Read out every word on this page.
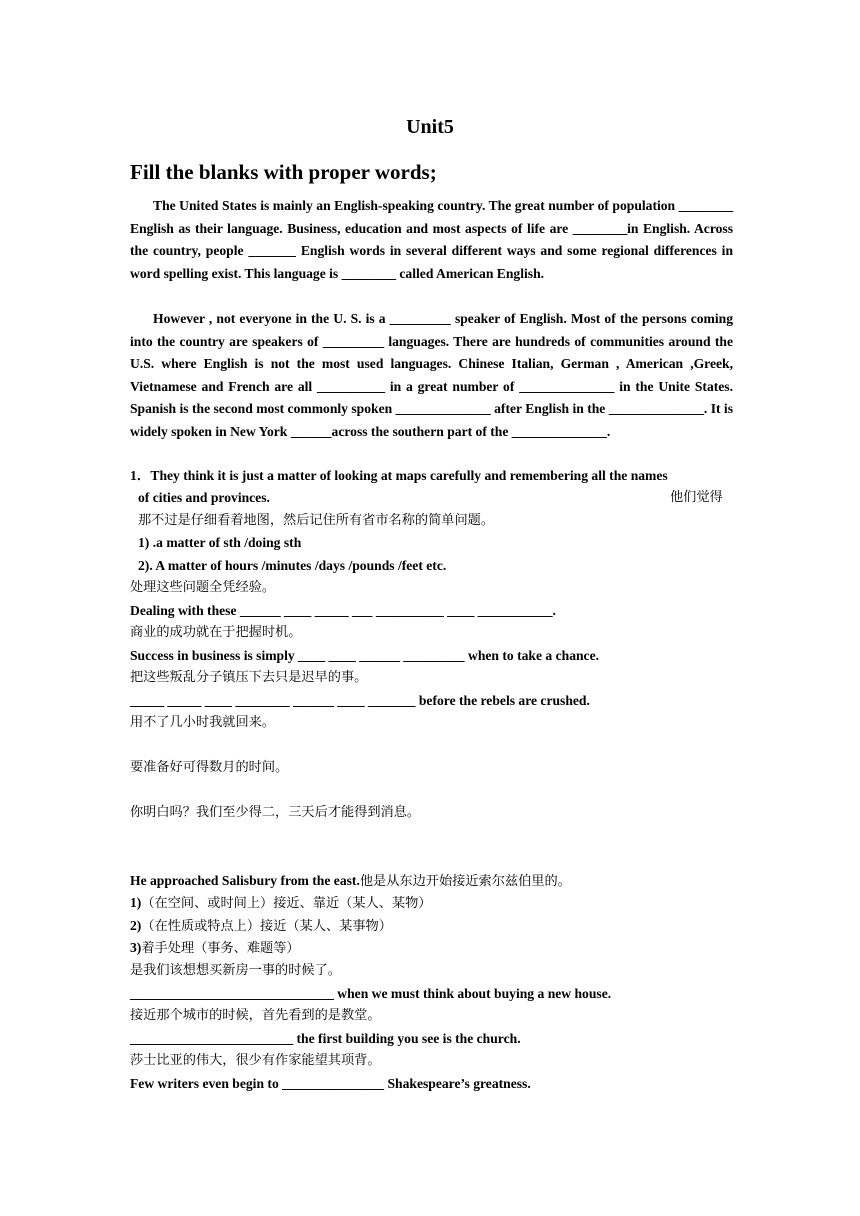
Unit5
Fill the blanks with proper words;
The United States is mainly an English-speaking country. The great number of population ________ English as their language. Business, education and most aspects of life are ________in English. Across the country, people _______ English words in several different ways and some regional differences in word spelling exist. This language is ________ called American English.
However , not everyone in the U. S. is a _________ speaker of English. Most of the persons coming into the country are speakers of _________ languages. There are hundreds of communities around the U.S. where English is not the most used languages. Chinese Italian, German , American ,Greek, Vietnamese and French are all __________ in a great number of ______________ in the Unite States. Spanish is the second most commonly spoken ______________ after English in the ______________. It is widely spoken in New York ______across the southern part of the ______________.
1．They think it is just a matter of looking at maps carefully and remembering all the names
of cities and provinces.	他们觉得
那不过是仔细看着地图，然后记住所有省市名称的简单问题。
1) .a matter of sth /doing sth
2). A matter of hours /minutes /days /pounds /feet etc.
处理这些问题全凭经验。
Dealing with these ______ ____ _____ ___ __________ ____ ___________.
商业的成功就在于把握时机。
Success in business is simply ____ ____ ______ _________ when to take a chance.
把这些叛乱分子镇压下去只是迟早的事。
_____ _____ ____ ________ ______ ____ _______ before the rebels are crushed.
用不了几小时我就回来。
要准备好可得数月的时间。
你明白吗？我们至少得二，三天后才能得到消息。
He approached Salisbury from the east.他是从东边开始接近索尔兹伯里的。
1)（在空间、或时间上）接近、靠近（某人、某物）
2)（在性质或特点上）接近（某人、某事物）
3)着手处理（事务、难题等）
是我们该想想买新房一事的时候了。
______________________________ when we must think about buying a new house.
接近那个城市的时候，首先看到的是教堂。
________________________ the first building you see is the church.
莎士比亚的伟大，很少有作家能望其项背。
Few writers even begin to _______________ Shakespeare’s greatness.
